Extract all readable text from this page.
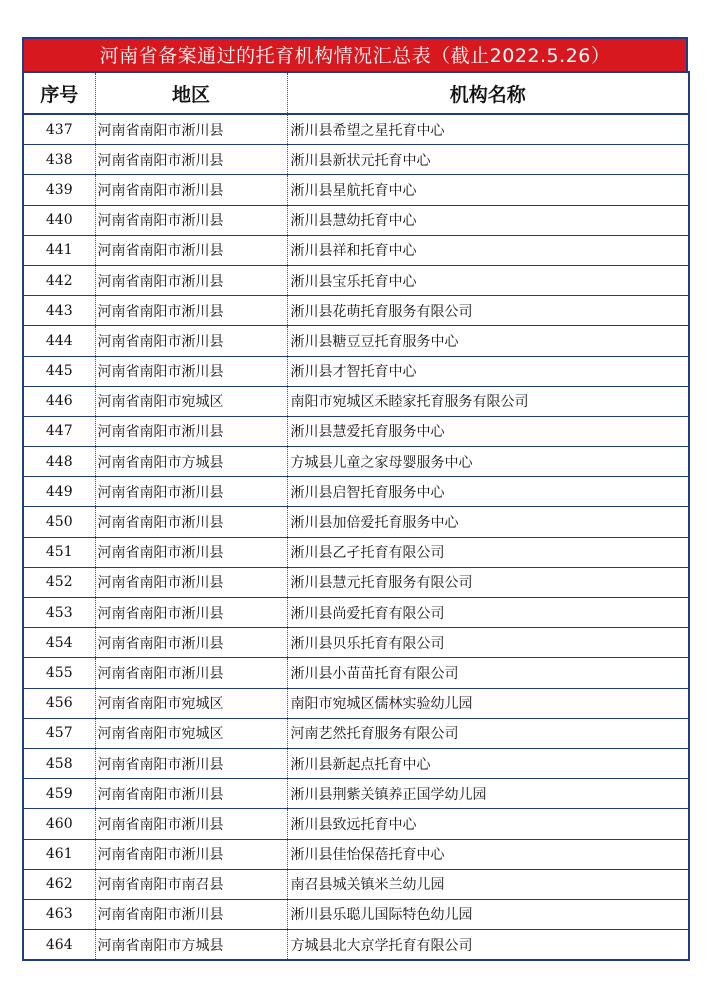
河南省备案通过的托育机构情况汇总表（截止2022.5.26）
序号	地区	机构名称
437	河南省南阳市淅川县	淅川县希望之星托育中心
438	河南省南阳市淅川县	淅川县新状元托育中心
439	河南省南阳市淅川县	淅川县星航托育中心
440	河南省南阳市淅川县	淅川县慧幼托育中心
441	河南省南阳市淅川县	淅川县祥和托育中心
442	河南省南阳市淅川县	淅川县宝乐托育中心
443	河南省南阳市淅川县	淅川县花萌托育服务有限公司
444	河南省南阳市淅川县	淅川县糖豆豆托育服务中心
445	河南省南阳市淅川县	淅川县才智托育中心
446	河南省南阳市宛城区	南阳市宛城区禾睦家托育服务有限公司
447	河南省南阳市淅川县	淅川县慧爱托育服务中心
448	河南省南阳市方城县	方城县儿童之家母婴服务中心
449	河南省南阳市淅川县	淅川县启智托育服务中心
450	河南省南阳市淅川县	淅川县加倍爱托育服务中心
451	河南省南阳市淅川县	淅川县乙孑托育有限公司
452	河南省南阳市淅川县	淅川县慧元托育服务有限公司
453	河南省南阳市淅川县	淅川县尚爱托育有限公司
454	河南省南阳市淅川县	淅川县贝乐托育有限公司
455	河南省南阳市淅川县	淅川县小苗苗托育有限公司
456	河南省南阳市宛城区	南阳市宛城区儒林实验幼儿园
457	河南省南阳市宛城区	河南艺然托育服务有限公司
458	河南省南阳市淅川县	淅川县新起点托育中心
459	河南省南阳市淅川县	淅川县荆紫关镇养正国学幼儿园
460	河南省南阳市淅川县	淅川县致远托育中心
461	河南省南阳市淅川县	淅川县佳怡保蓓托育中心
462	河南省南阳市南召县	南召县城关镇米兰幼儿园
463	河南省南阳市淅川县	淅川县乐聪儿国际特色幼儿园
464	河南省南阳市方城县	方城县北大京学托育有限公司
